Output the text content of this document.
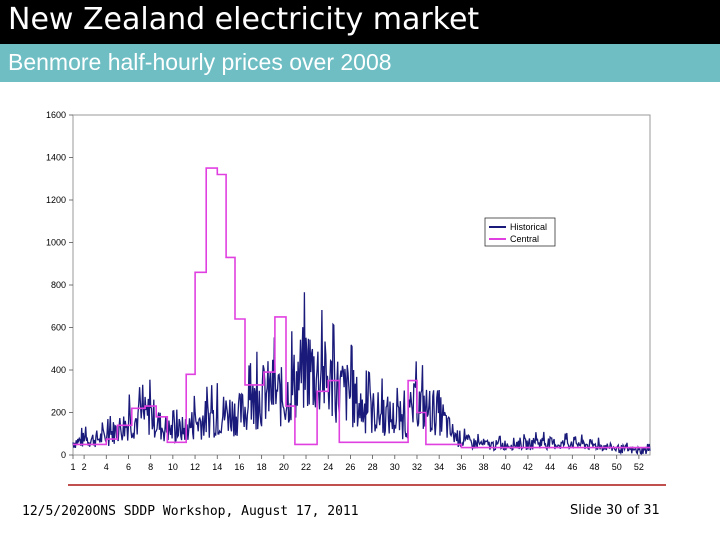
New Zealand electricity market
Benmore half-hourly prices over 2008
0
200
400
600
800
1000
1200
1400
1600
1 2 4 6 8 10 12 14 16 18 20 22 24 26 28 30 32 34 36 38 40 42 44 46 48 50 52
Historical
Central
12/5/2020ONS SDDP Workshop, August 17, 2011	Slide 30 of 31
